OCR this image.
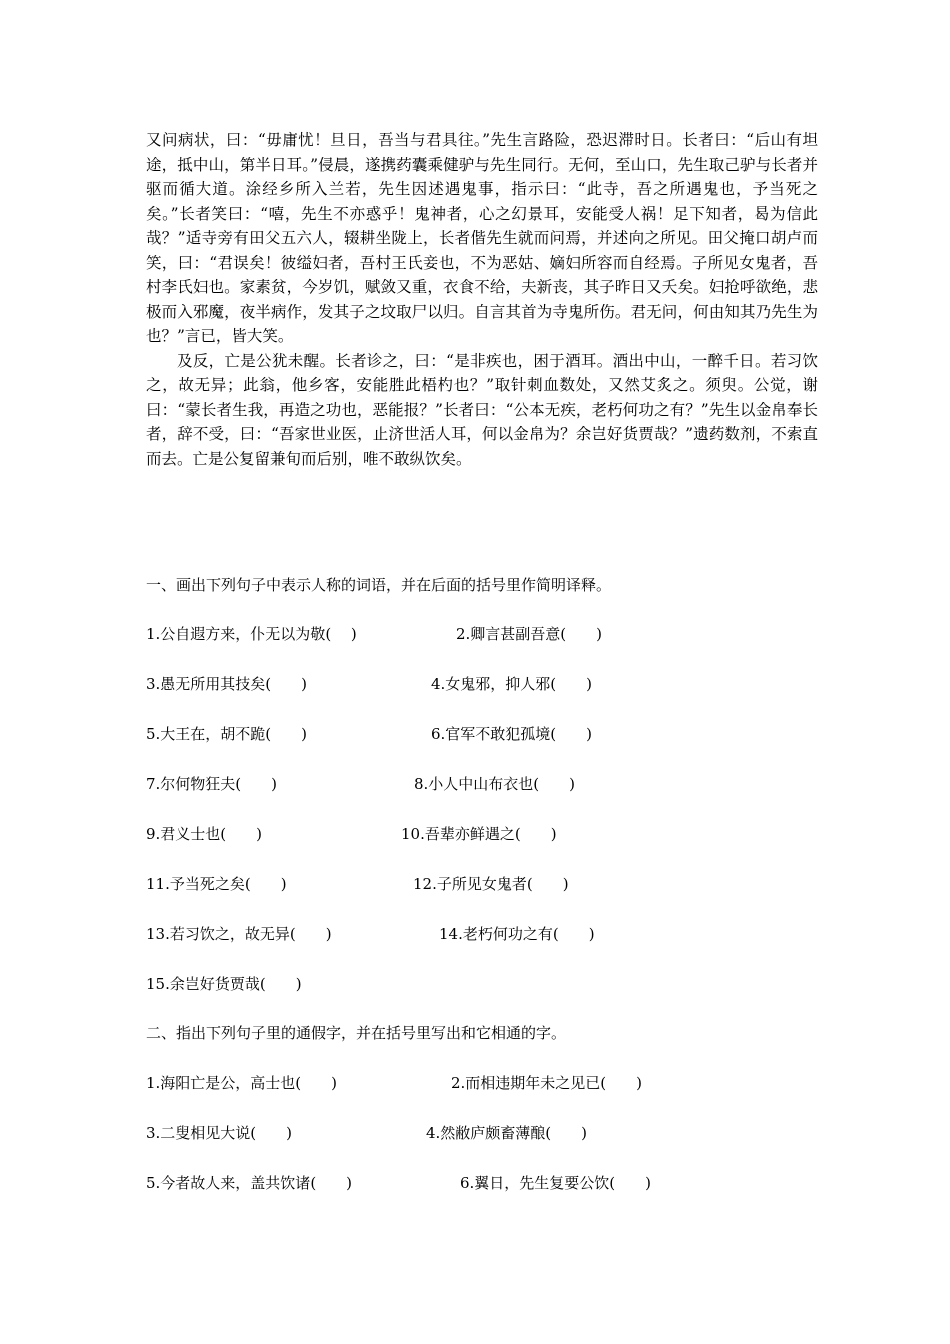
又问病状，曰：“毋庸忧！旦日，吾当与君具往。”先生言路险，恐迟滞时日。长者曰：“后山有坦途，抵中山，第半日耳。”侵晨，遂携药囊乘健驴与先生同行。无何，至山口，先生取己驴与长者并驱而循大道。涂经乡所入兰若，先生因述遇鬼事，指示曰：“此寺，吾之所遇鬼也，予当死之矣。”长者笑曰：“嘻，先生不亦惑乎！鬼神者，心之幻景耳，安能受人祸！足下知者，曷为信此哉？”适寺旁有田父五六人，辍耕坐陇上，长者偕先生就而问焉，并述向之所见。田父掩口胡卢而笑，曰：“君误矣！彼缢妇者，吾村王氏妾也，不为恶姑、嫡妇所容而自经焉。子所见女鬼者，吾村李氏妇也。家素贫，今岁饥，赋敛又重，衣食不给，夫新丧，其子昨日又夭矣。妇抢呼欲绝，悲极而入邪魔，夜半病作，发其子之坟取尸以归。自言其首为寺鬼所伤。君无问，何由知其乃先生为也？”言已，皆大笑。

及反，亡是公犹未醒。长者诊之，曰：“是非疾也，困于酒耳。酒出中山，一醉千日。若习饮之，故无异；此翁，他乡客，安能胜此梧杓也？”取针刺血数处，又然艾炙之。须臾。公觉，谢曰：“蒙长者生我，再造之功也，恶能报？”长者曰：“公本无疾，老朽何功之有？”先生以金帛奉长者，辞不受，曰：“吾家世业医，止济世活人耳，何以金帛为？余岂好货贾哉？”遗药数剂，不索直而去。亡是公复留兼旬而后别，唯不敢纵饮矣。

一、画出下列句子中表示人称的词语，并在后面的括号里作简明译释。
1.公自遐方来，仆无以为敬(　 )	2.卿言甚副吾意(　　)
3.愚无所用其技矣(　　)	4.女鬼邪，抑人邪(　　)
5.大王在，胡不跪(　　)	6.官军不敢犯孤境(　　)
7.尔何物狂夫(　　)	8.小人中山布衣也(　　)
9.君义士也(　　)	10.吾辈亦鲜遇之(　　)
11.予当死之矣(　　)	12.子所见女鬼者(　　)
13.若习饮之，故无异(　　)	14.老朽何功之有(　　)
15.余岂好货贾哉(　　)
二、指出下列句子里的通假字，并在括号里写出和它相通的字。
1.海阳亡是公，高士也(　　)	2.而相违期年未之见已(　　)
3.二叟相见大说(　　)	4.然敝庐颇畜薄酿(　　)
5.今者故人来，盖共饮诸(　　)	6.翼日，先生复要公饮(　　)
